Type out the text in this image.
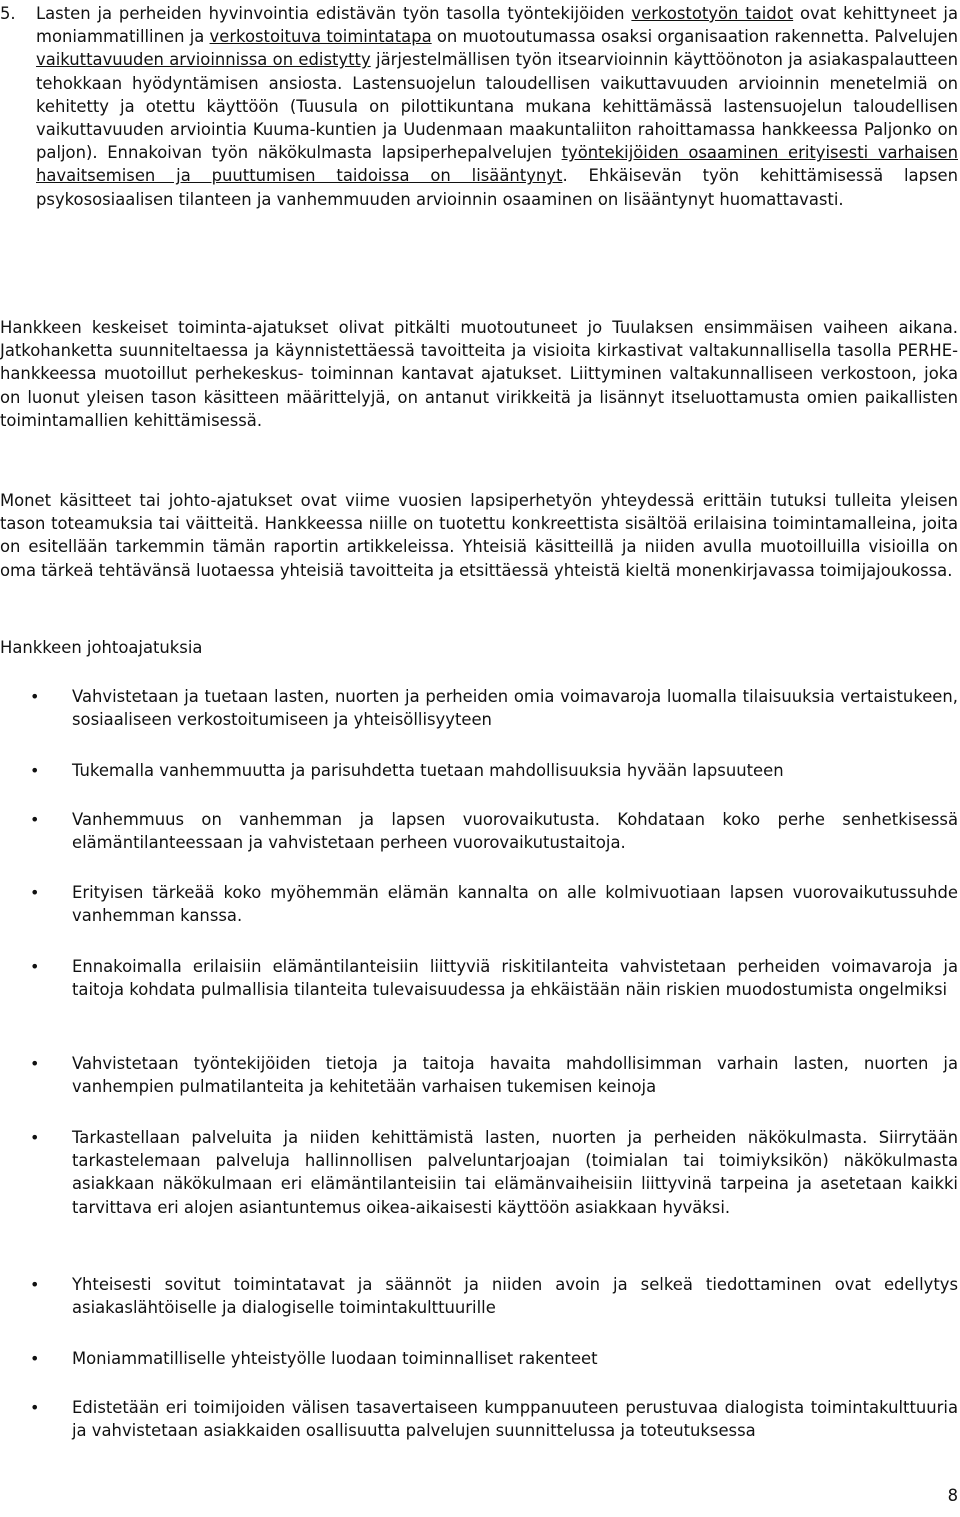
5. Lasten ja perheiden hyvinvointia edistävän työn tasolla työntekijöiden verkostotyön taidot ovat kehittyneet ja moniammatillinen ja verkostoituva toimintatapa on muotoutumassa osaksi organisaation rakennetta. Palvelujen vaikuttavuuden arvioinnissa on edistytty järjestelmällisen työn itsearvioinnin käyttöönoton ja asiakaspalautteen tehokkaan hyödyntämisen ansiosta. Lastensuojelun taloudellisen vaikuttavuuden arvioinnin menetelmiä on kehitetty ja otettu käyttöön (Tuusula on pilottikuntana mukana kehittämässä lastensuojelun taloudellisen vaikuttavuuden arviointia Kuuma-kuntien ja Uudenmaan maakuntaliiton rahoittamassa hankkeessa Paljonko on paljon). Ennakoivan työn näkökulmasta lapsiperhepalvelujen työntekijöiden osaaminen erityisesti varhaisen havaitsemisen ja puuttumisen taidoissa on lisääntynyt. Ehkäisevän työn kehittämisessä lapsen psykososiaalisen tilanteen ja vanhemmuuden arvioinnin osaaminen on lisääntynyt huomattavasti.

Hankkeen keskeiset toiminta-ajatukset olivat pitkälti muotoutuneet jo Tuulaksen ensimmäisen vaiheen aikana. Jatkohanketta suunniteltaessa ja käynnistettäessä tavoitteita ja visioita kirkastivat valtakunnallisella tasolla PERHE-hankkeessa muotoillut perhekeskus- toiminnan kantavat ajatukset. Liittyminen valtakunnalliseen verkostoon, joka on luonut yleisen tason käsitteen määrittelyjä, on antanut virikkeitä ja lisännyt itseluottamusta omien paikallisten toimintamallien kehittämisessä.

Monet käsitteet tai johto-ajatukset ovat viime vuosien lapsiperhetyön yhteydessä erittäin tutuksi tulleita yleisen tason toteamuksia tai väitteitä. Hankkeessa niille on tuotettu konkreettista sisältöä erilaisina toimintamalleina, joita on esitellään tarkemmin tämän raportin artikkeleissa. Yhteisiä käsitteillä ja niiden avulla muotoilluilla visioilla on oma tärkeä tehtävänsä luotaessa yhteisiä tavoitteita ja etsittäessä yhteistä kieltä monenkirjavassa toimijajoukossa.

Hankkeen johtoajatuksia
• Vahvistetaan ja tuetaan lasten, nuorten ja perheiden omia voimavaroja luomalla tilaisuuksia vertaistukeen, sosiaaliseen verkostoitumiseen ja yhteisöllisyyteen
• Tukemalla vanhemmuutta ja parisuhdetta tuetaan mahdollisuuksia hyvään lapsuuteen
• Vanhemmuus on vanhemman ja lapsen vuorovaikutusta. Kohdataan koko perhe senhetkisessä elämäntilanteessaan ja vahvistetaan perheen vuorovaikutustaitoja.
• Erityisen tärkeää koko myöhemmän elämän kannalta on alle kolmivuotiaan lapsen vuorovaikutussuhde vanhemman kanssa.
• Ennakoimalla erilaisiin elämäntilanteisiin liittyviä riskitilanteita vahvistetaan perheiden voimavaroja ja taitoja kohdata pulmallisia tilanteita tulevaisuudessa ja ehkäistään näin riskien muodostumista ongelmiksi
• Vahvistetaan työntekijöiden tietoja ja taitoja havaita mahdollisimman varhain lasten, nuorten ja vanhempien pulmatilanteita ja kehitetään varhaisen tukemisen keinoja
• Tarkastellaan palveluita ja niiden kehittämistä lasten, nuorten ja perheiden näkökulmasta. Siirrytään tarkastelemaan palveluja hallinnollisen palveluntarjoajan (toimialan tai toimiyksikön) näkökulmasta asiakkaan näkökulmaan eri elämäntilanteisiin tai elämänvaiheisiin liittyvinä tarpeina ja asetetaan kaikki tarvittava eri alojen asiantuntemus oikea-aikaisesti käyttöön asiakkaan hyväksi.
• Yhteisesti sovitut toimintatavat ja säännöt ja niiden avoin ja selkeä tiedottaminen ovat edellytys asiakaslähtöiselle ja dialogiselle toimintakulttuurille
• Moniammatilliselle yhteistyölle luodaan toiminnalliset rakenteet
• Edistetään eri toimijoiden välisen tasavertaiseen kumppanuuteen perustuvaa dialogista toimintakulttuuria ja vahvistetaan asiakkaiden osallisuutta palvelujen suunnittelussa ja toteutuksessa
8
